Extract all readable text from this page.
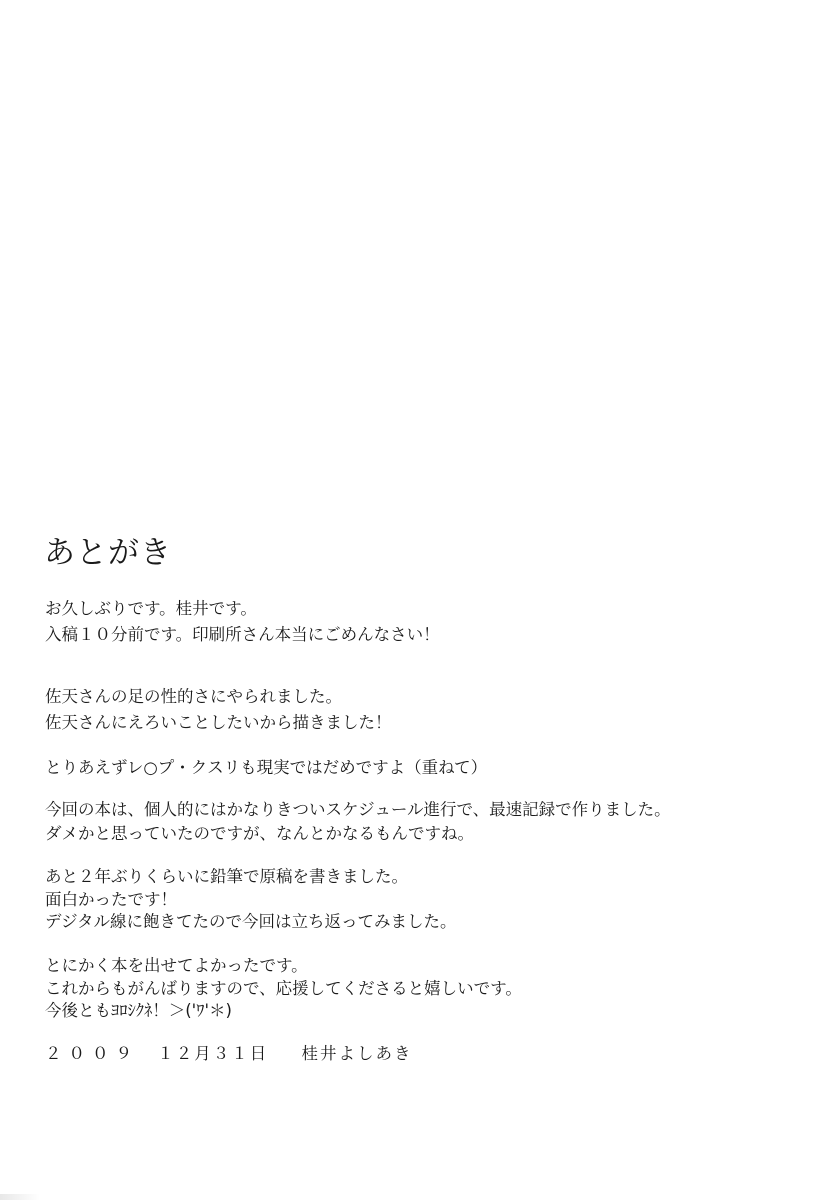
あとがき

お久しぶりです。桂井です。

入稿１０分前です。印刷所さん本当にごめんなさい！

佐天さんの足の性的さにやられました。

佐天さんにえろいことしたいから描きました！

とりあえずレ○プ・クスリも現実ではだめですよ（重ねて）

今回の本は、個人的にはかなりきついスケジュール進行で、最速記録で作りました。

ダメかと思っていたのですが、なんとかなるもんですね。

あと２年ぶりくらいに鉛筆で原稿を書きました。

面白かったです！

デジタル線に飽きてたので今回は立ち返ってみました。

とにかく本を出せてよかったです。

これからもがんばりますので、応援してくださると嬉しいです。

今後ともﾖﾛｼｸﾈ！＞('ﾜ'＊)

２００９ １２月３１日 桂井よしあき
